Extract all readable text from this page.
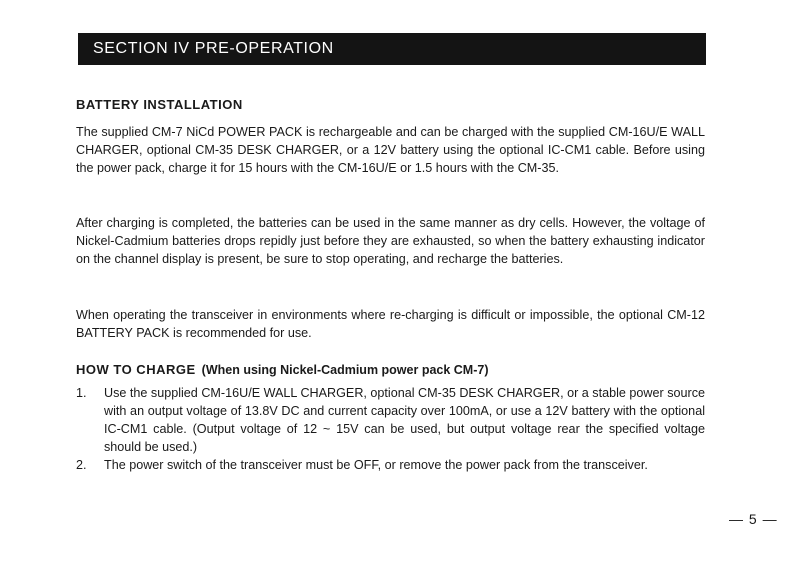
SECTION IV PRE-OPERATION
BATTERY INSTALLATION
The supplied CM-7 NiCd POWER PACK is rechargeable and can be charged with the supplied CM-16U/E WALL CHARGER, optional CM-35 DESK CHARGER, or a 12V battery using the optional IC-CM1 cable. Before using the power pack, charge it for 15 hours with the CM-16U/E or 1.5 hours with the CM-35.
After charging is completed, the batteries can be used in the same manner as dry cells. However, the voltage of Nickel-Cadmium batteries drops repidly just before they are exhausted, so when the battery exhausting indicator on the channel display is present, be sure to stop operating, and recharge the batteries.
When operating the transceiver in environments where re-charging is difficult or impossible, the optional CM-12 BATTERY PACK is recommended for use.
HOW TO CHARGE (When using Nickel-Cadmium power pack CM-7)
1. Use the supplied CM-16U/E WALL CHARGER, optional CM-35 DESK CHARGER, or a stable power source with an output voltage of 13.8V DC and current capacity over 100mA, or use a 12V battery with the optional IC-CM1 cable. (Output voltage of 12 ~ 15V can be used, but output voltage rear the specified voltage should be used.)
2. The power switch of the transceiver must be OFF, or remove the power pack from the transceiver.
— 5 —
